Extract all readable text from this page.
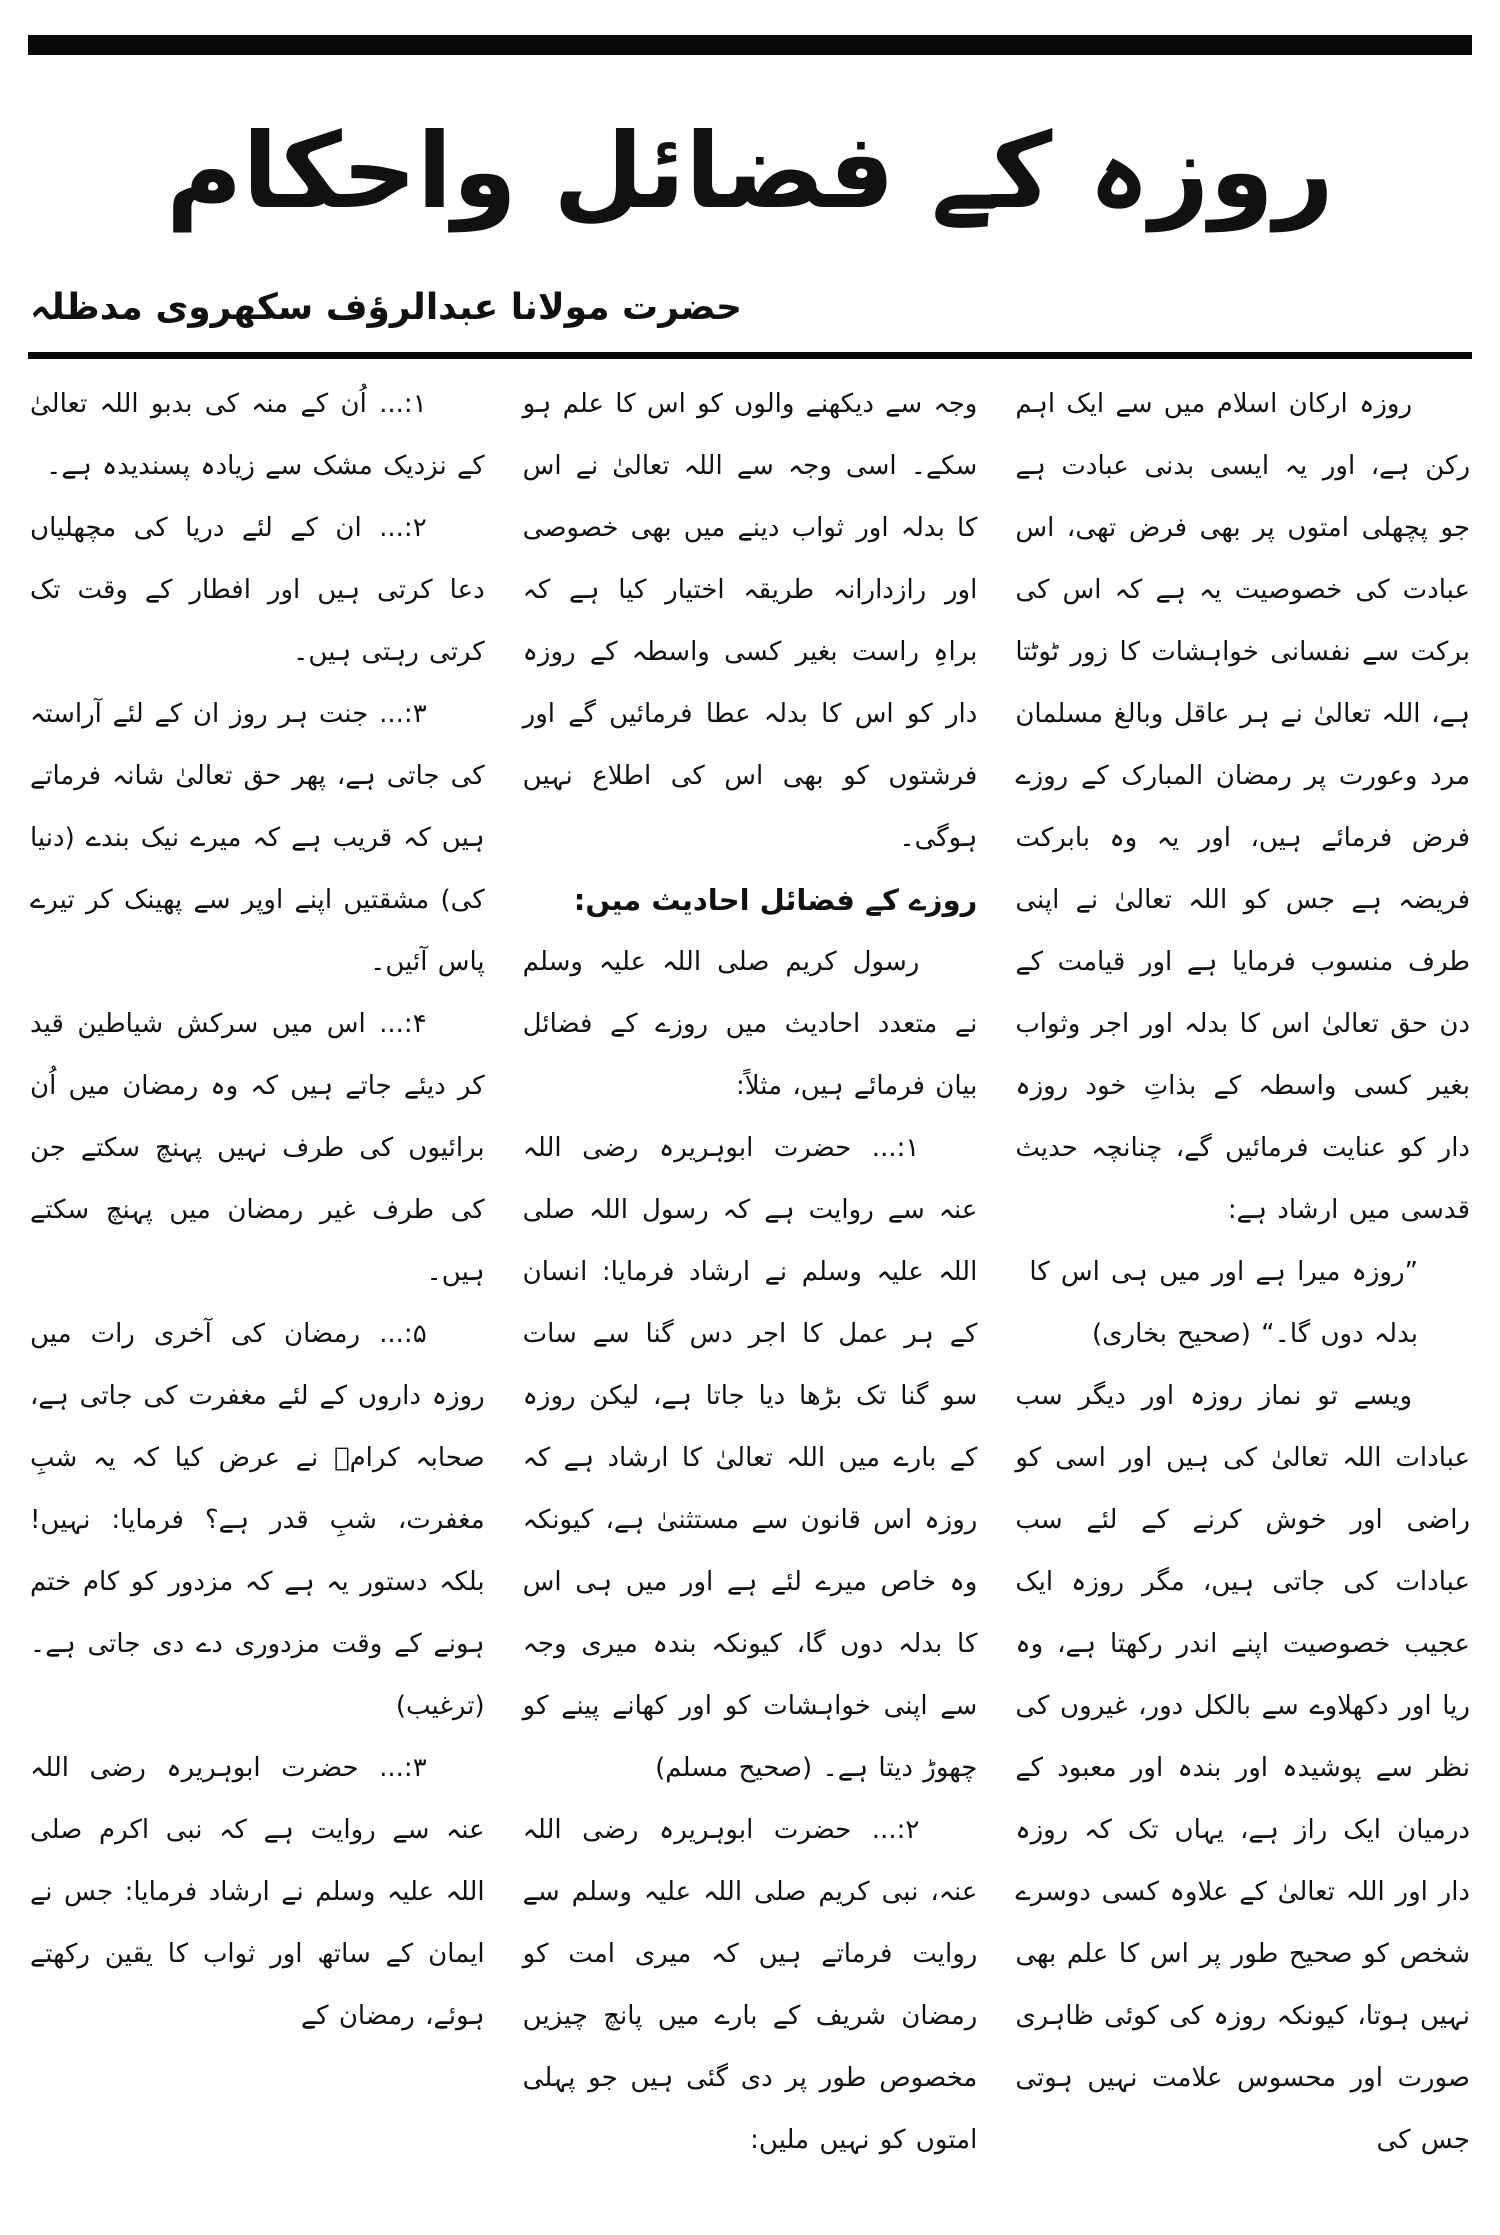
روزہ کے فضائل واحکام
حضرت مولانا عبدالرؤف سکھروی مدظلہ

روزہ ارکان اسلام میں سے ایک اہم رکن ہے، اور یہ ایسی بدنی عبادت ہے جو پچھلی امتوں پر بھی فرض تھی، اس عبادت کی خصوصیت یہ ہے کہ اس کی برکت سے نفسانی خواہشات کا زور ٹوٹتا ہے، اللہ تعالیٰ نے ہر عاقل وبالغ مسلمان مرد وعورت پر رمضان المبارک کے روزے فرض فرمائے ہیں، اور یہ وہ بابرکت فریضہ ہے جس کو اللہ تعالیٰ نے اپنی طرف منسوب فرمایا ہے اور قیامت کے دن حق تعالیٰ اس کا بدلہ اور اجر وثواب بغیر کسی واسطہ کے بذاتِ خود روزہ دار کو عنایت فرمائیں گے، چنانچہ حدیث قدسی میں ارشاد ہے:

”روزہ میرا ہے اور میں ہی اس کا بدلہ دوں گا۔“ (صحیح بخاری)

ویسے تو نماز روزہ اور دیگر سب عبادات اللہ تعالیٰ کی ہیں اور اسی کو راضی اور خوش کرنے کے لئے سب عبادات کی جاتی ہیں، مگر روزہ ایک عجیب خصوصیت اپنے اندر رکھتا ہے، وہ ریا اور دکھلاوے سے بالکل دور، غیروں کی نظر سے پوشیدہ اور بندہ اور معبود کے درمیان ایک راز ہے، یہاں تک کہ روزہ دار اور اللہ تعالیٰ کے علاوہ کسی دوسرے شخص کو صحیح طور پر اس کا علم بھی نہیں ہوتا، کیونکہ روزہ کی کوئی ظاہری صورت اور محسوس علامت نہیں ہوتی جس کی

وجہ سے دیکھنے والوں کو اس کا علم ہو سکے۔ اسی وجہ سے اللہ تعالیٰ نے اس کا بدلہ اور ثواب دینے میں بھی خصوصی اور رازدارانہ طریقہ اختیار کیا ہے کہ براہِ راست بغیر کسی واسطہ کے روزہ دار کو اس کا بدلہ عطا فرمائیں گے اور فرشتوں کو بھی اس کی اطلاع نہیں ہوگی۔

روزے کے فضائل احادیث میں:

رسول کریم صلی اللہ علیہ وسلم نے متعدد احادیث میں روزے کے فضائل بیان فرمائے ہیں، مثلاً:

۱:... حضرت ابوہریرہ رضی اللہ عنہ سے روایت ہے کہ رسول اللہ صلی اللہ علیہ وسلم نے ارشاد فرمایا: انسان کے ہر عمل کا اجر دس گنا سے سات سو گنا تک بڑھا دیا جاتا ہے، لیکن روزہ کے بارے میں اللہ تعالیٰ کا ارشاد ہے کہ روزہ اس قانون سے مستثنیٰ ہے، کیونکہ وہ خاص میرے لئے ہے اور میں ہی اس کا بدلہ دوں گا، کیونکہ بندہ میری وجہ سے اپنی خواہشات کو اور کھانے پینے کو چھوڑ دیتا ہے۔ (صحیح مسلم)

۲:... حضرت ابوہریرہ رضی اللہ عنہ، نبی کریم صلی اللہ علیہ وسلم سے روایت فرماتے ہیں کہ میری امت کو رمضان شریف کے بارے میں پانچ چیزیں مخصوص طور پر دی گئی ہیں جو پہلی امتوں کو نہیں ملیں:

۱:... اُن کے منہ کی بدبو اللہ تعالیٰ کے نزدیک مشک سے زیادہ پسندیدہ ہے۔

۲:... ان کے لئے دریا کی مچھلیاں دعا کرتی ہیں اور افطار کے وقت تک کرتی رہتی ہیں۔

۳:... جنت ہر روز ان کے لئے آراستہ کی جاتی ہے، پھر حق تعالیٰ شانہ فرماتے ہیں کہ قریب ہے کہ میرے نیک بندے (دنیا کی) مشقتیں اپنے اوپر سے پھینک کر تیرے پاس آئیں۔

۴:... اس میں سرکش شیاطین قید کر دیئے جاتے ہیں کہ وہ رمضان میں اُن برائیوں کی طرف نہیں پہنچ سکتے جن کی طرف غیر رمضان میں پہنچ سکتے ہیں۔

۵:... رمضان کی آخری رات میں روزہ داروں کے لئے مغفرت کی جاتی ہے، صحابہ کرامؓ نے عرض کیا کہ یہ شبِ مغفرت، شبِ قدر ہے؟ فرمایا: نہیں! بلکہ دستور یہ ہے کہ مزدور کو کام ختم ہونے کے وقت مزدوری دے دی جاتی ہے۔ (ترغیب)

۳:... حضرت ابوہریرہ رضی اللہ عنہ سے روایت ہے کہ نبی اکرم صلی اللہ علیہ وسلم نے ارشاد فرمایا: جس نے ایمان کے ساتھ اور ثواب کا یقین رکھتے ہوئے، رمضان کے
